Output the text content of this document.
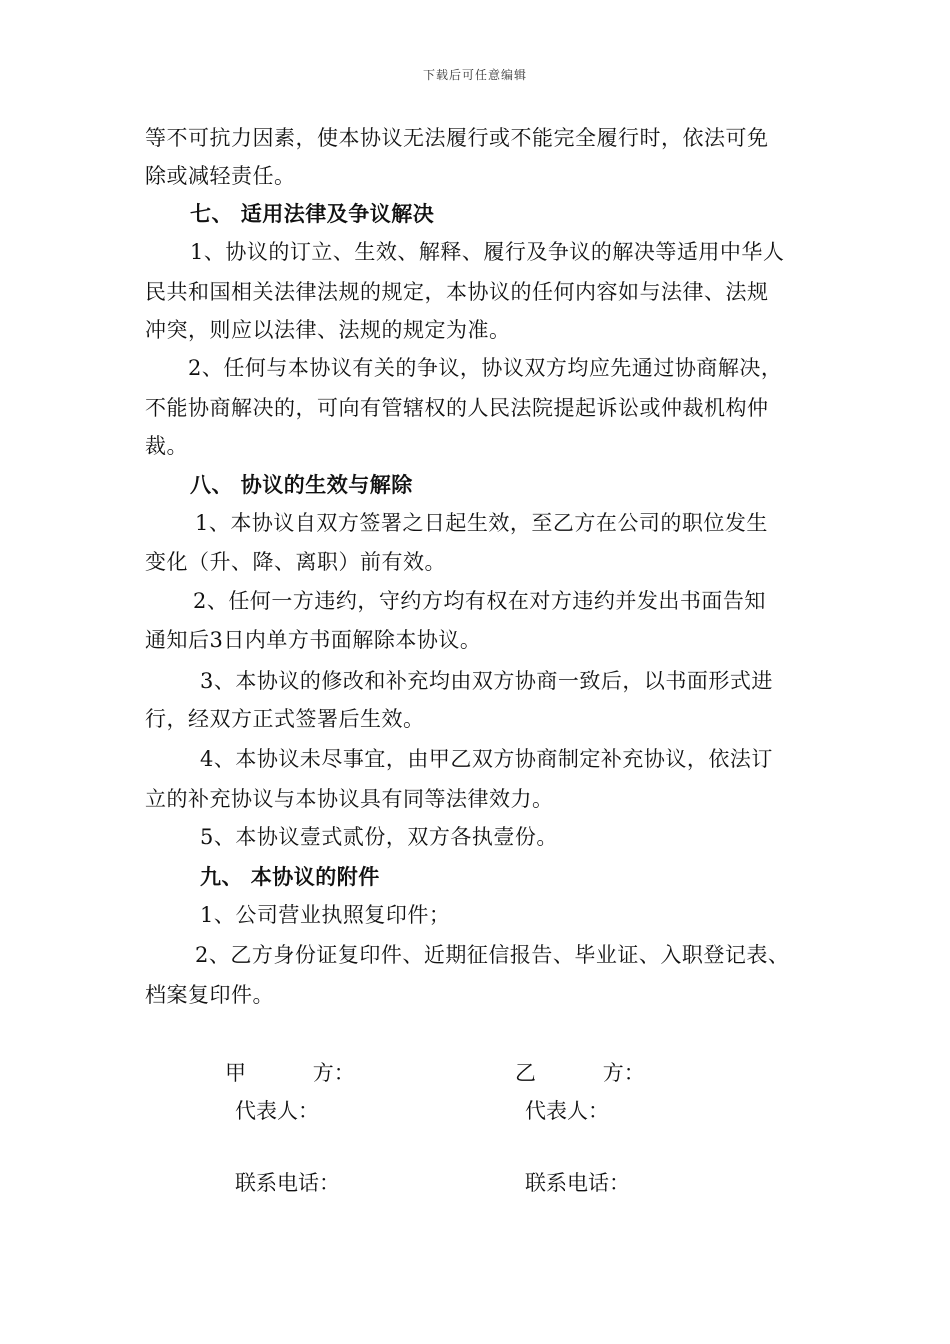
下载后可任意编辑
等不可抗力因素，使本协议无法履行或不能完全履行时，依法可免
除或减轻责任。
七、 适用法律及争议解决
1、协议的订立、生效、解释、履行及争议的解决等适用中华人
民共和国相关法律法规的规定，本协议的任何内容如与法律、法规
冲突，则应以法律、法规的规定为准。
2、任何与本协议有关的争议，协议双方均应先通过协商解决，
不能协商解决的，可向有管辖权的人民法院提起诉讼或仲裁机构仲
裁。
八、 协议的生效与解除
1、本协议自双方签署之日起生效，至乙方在公司的职位发生
变化（升、降、离职）前有效。
2、任何一方违约，守约方均有权在对方违约并发出书面告知
通知后3日内单方书面解除本协议。
3、本协议的修改和补充均由双方协商一致后，以书面形式进
行，经双方正式签署后生效。
4、本协议未尽事宜，由甲乙双方协商制定补充协议，依法订
立的补充协议与本协议具有同等法律效力。
5、本协议壹式贰份，双方各执壹份。
九、 本协议的附件
1、公司营业执照复印件；
2、乙方身份证复印件、近期征信报告、毕业证、入职登记表、
档案复印件。
甲          方：	乙          方：
代表人：	代表人：
联系电话：	联系电话：
